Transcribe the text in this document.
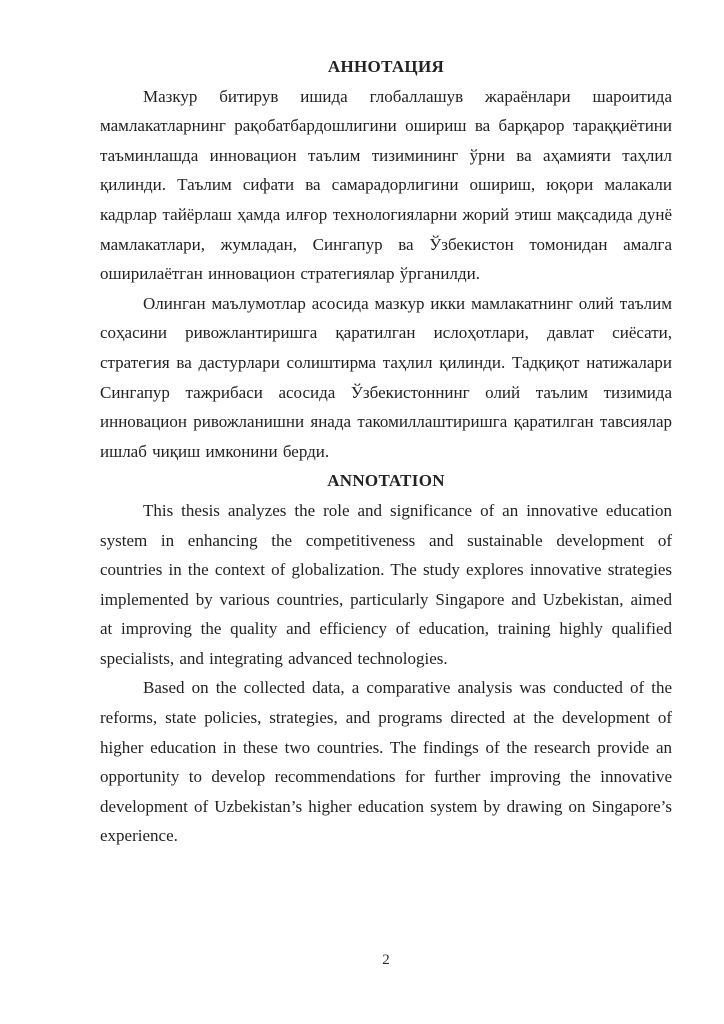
АННОТАЦИЯ

Мазкур битирув ишида глобаллашув жараёнлари шароитида мамлакатларнинг рақобатбардошлигини ошириш ва барқарор тараққиётини таъминлашда инновацион таълим тизимининг ўрни ва аҳамияти таҳлил қилинди. Таълим сифати ва самарадорлигини ошириш, юқори малакали кадрлар тайёрлаш ҳамда илғор технологияларни жорий этиш мақсадида дунё мамлакатлари, жумладан, Сингапур ва Ўзбекистон томонидан амалга оширилаётган инновацион стратегиялар ўрганилди.

Олинган маълумотлар асосида мазкур икки мамлакатнинг олий таълим соҳасини ривожлантиришга қаратилган ислоҳотлари, давлат сиёсати, стратегия ва дастурлари солиштирма таҳлил қилинди. Тадқиқот натижалари Сингапур тажрибаси асосида Ўзбекистоннинг олий таълим тизимида инновацион ривожланишни янада такомиллаштиришга қаратилган тавсиялар ишлаб чиқиш имконини берди.

ANNOTATION

This thesis analyzes the role and significance of an innovative education system in enhancing the competitiveness and sustainable development of countries in the context of globalization. The study explores innovative strategies implemented by various countries, particularly Singapore and Uzbekistan, aimed at improving the quality and efficiency of education, training highly qualified specialists, and integrating advanced technologies.

Based on the collected data, a comparative analysis was conducted of the reforms, state policies, strategies, and programs directed at the development of higher education in these two countries. The findings of the research provide an opportunity to develop recommendations for further improving the innovative development of Uzbekistan’s higher education system by drawing on Singapore’s experience.

2
